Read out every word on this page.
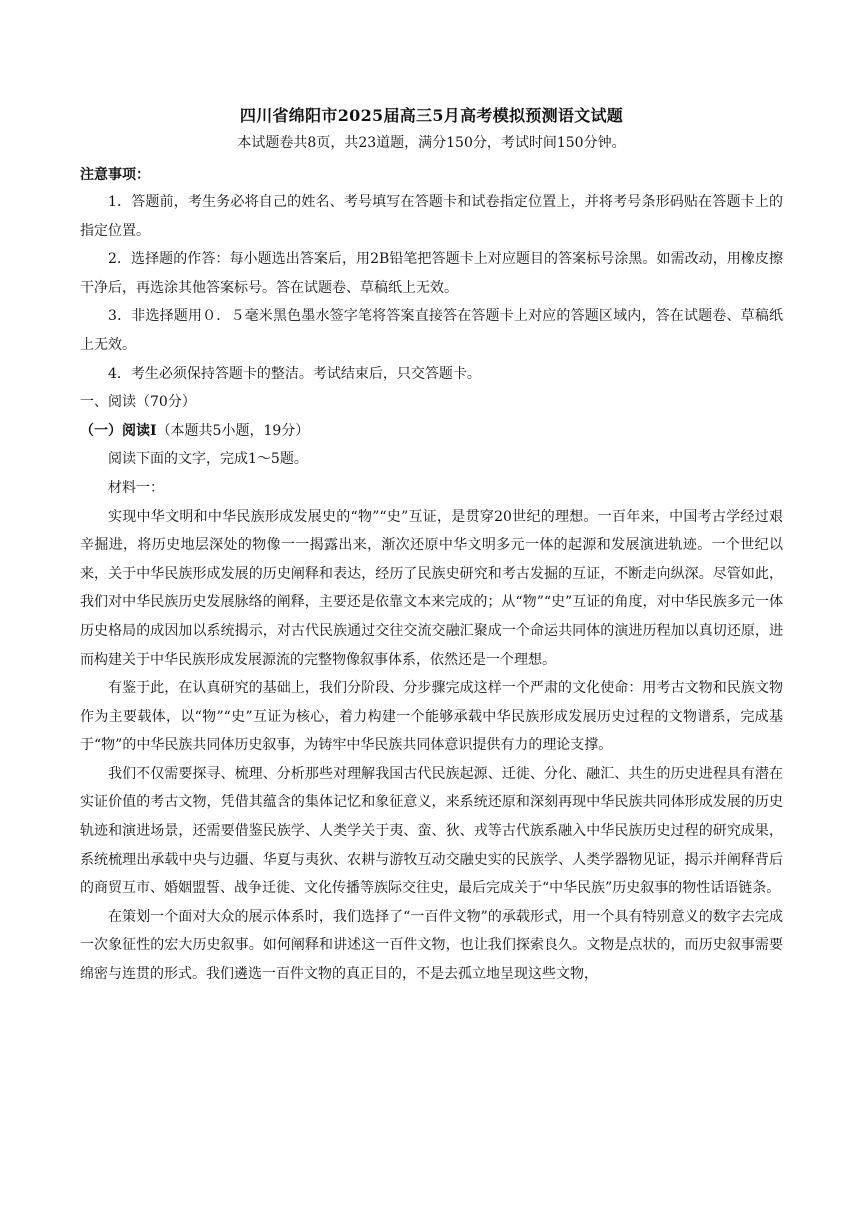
四川省绵阳市2025届高三5月高考模拟预测语文试题
本试题卷共8页，共23道题，满分150分，考试时间150分钟。
注意事项：

1．答题前，考生务必将自己的姓名、考号填写在答题卡和试卷指定位置上，并将考号条形码贴在答题卡上的指定位置。

2．选择题的作答：每小题选出答案后，用2B铅笔把答题卡上对应题目的答案标号涂黑。如需改动，用橡皮擦干净后，再选涂其他答案标号。答在试题卷、草稿纸上无效。

3．非选择题用０．５毫米黑色墨水签字笔将答案直接答在答题卡上对应的答题区域内，答在试题卷、草稿纸上无效。

4．考生必须保持答题卡的整洁。考试结束后，只交答题卡。

一、阅读（70分）
（一）阅读Ⅰ（本题共5小题，19分）

阅读下面的文字，完成1～5题。

材料一：

实现中华文明和中华民族形成发展史的“物”“史”互证，是贯穿20世纪的理想。一百年来，中国考古学经过艰辛掘进，将历史地层深处的物像一一揭露出来，渐次还原中华文明多元一体的起源和发展演进轨迹。一个世纪以来，关于中华民族形成发展的历史阐释和表达，经历了民族史研究和考古发掘的互证，不断走向纵深。尽管如此，我们对中华民族历史发展脉络的阐释，主要还是依靠文本来完成的；从“物”“史”互证的角度，对中华民族多元一体历史格局的成因加以系统揭示，对古代民族通过交往交流交融汇聚成一个命运共同体的演进历程加以真切还原，进而构建关于中华民族形成发展源流的完整物像叙事体系，依然还是一个理想。

有鉴于此，在认真研究的基础上，我们分阶段、分步骤完成这样一个严肃的文化使命：用考古文物和民族文物作为主要载体，以“物”“史”互证为核心，着力构建一个能够承载中华民族形成发展历史过程的文物谱系，完成基于“物”的中华民族共同体历史叙事，为铸牢中华民族共同体意识提供有力的理论支撑。

我们不仅需要探寻、梳理、分析那些对理解我国古代民族起源、迁徙、分化、融汇、共生的历史进程具有潜在实证价值的考古文物，凭借其蕴含的集体记忆和象征意义，来系统还原和深刻再现中华民族共同体形成发展的历史轨迹和演进场景，还需要借鉴民族学、人类学关于夷、蛮、狄、戎等古代族系融入中华民族历史过程的研究成果，系统梳理出承载中央与边疆、华夏与夷狄、农耕与游牧互动交融史实的民族学、人类学器物见证，揭示并阐释背后的商贸互市、婚姻盟誓、战争迁徙、文化传播等族际交往史，最后完成关于“中华民族”历史叙事的物性话语链条。

在策划一个面对大众的展示体系时，我们选择了“一百件文物”的承载形式，用一个具有特别意义的数字去完成一次象征性的宏大历史叙事。如何阐释和讲述这一百件文物，也让我们探索良久。文物是点状的，而历史叙事需要绵密与连贯的形式。我们遴选一百件文物的真正目的，不是去孤立地呈现这些文物，
